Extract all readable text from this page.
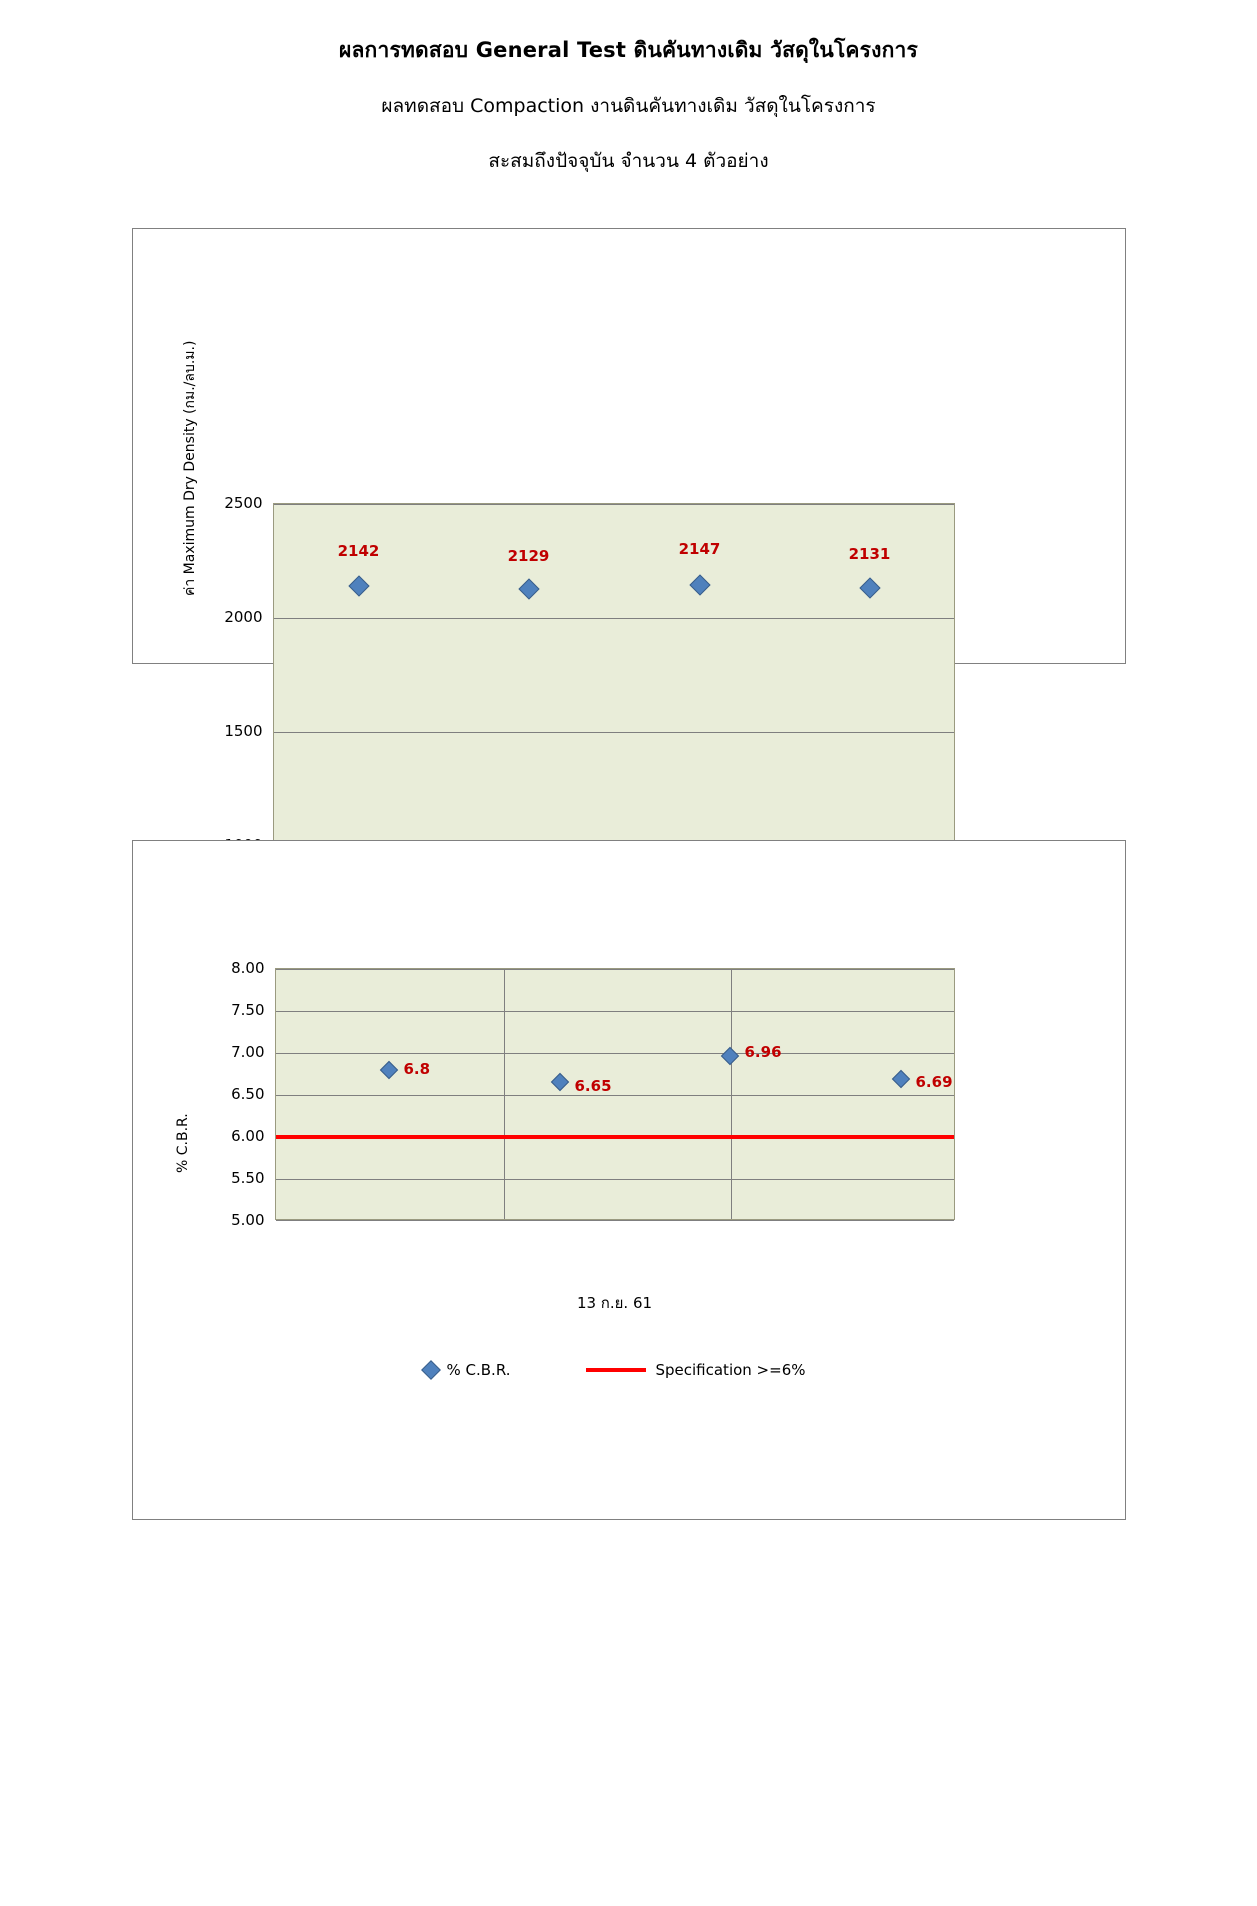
ผลการทดสอบ General Test ดินคันทางเดิม วัสดุในโครงการ
ผลทดสอบ Compaction งานดินคันทางเดิม วัสดุในโครงการ
สะสมถึงปัจจุบัน จำนวน 4 ตัวอย่าง
ค่า Maximum Dry Density (กม./ลบ.ม.)	2500
2000
1500
2142	2129	2147	2131
% C.B.R.
8.00
7.50
7.00
6.50
6.00
5.50
5.00
6.8
6.65
6.96
6.69
13 ก.ย. 61
% C.B.R.	Specification >=6%
